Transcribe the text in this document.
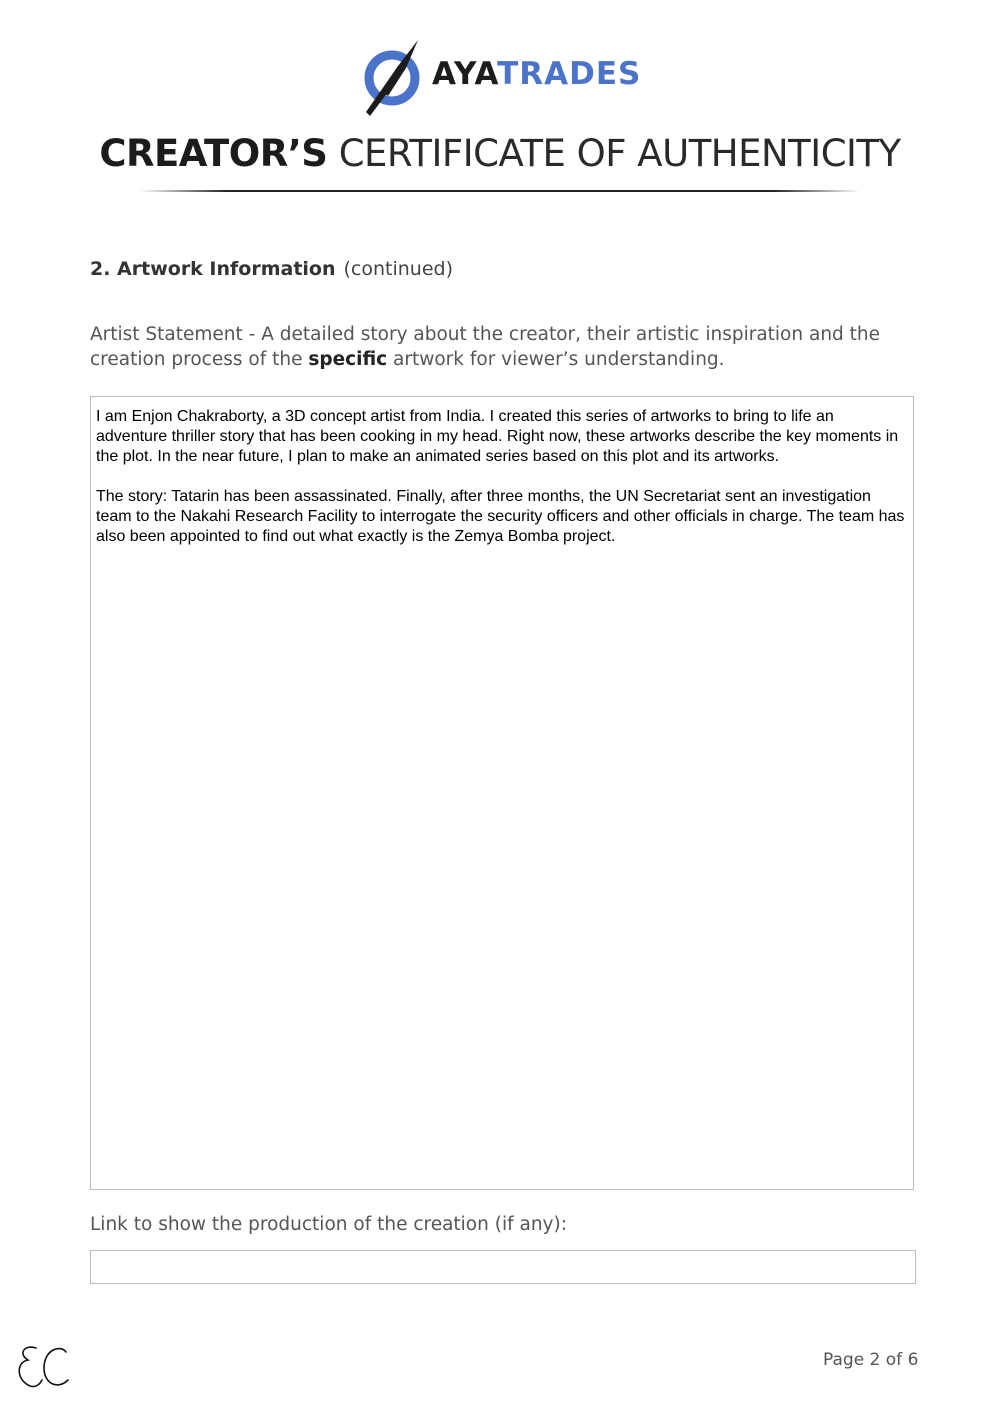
AYATRADES
CREATOR’S CERTIFICATE OF AUTHENTICITY
2. Artwork Information (continued)
Artist Statement - A detailed story about the creator, their artistic inspiration and the creation process of the specific artwork for viewer’s understanding.

I am Enjon Chakraborty, a 3D concept artist from India. I created this series of artworks to bring to life an adventure thriller story that has been cooking in my head. Right now, these artworks describe the key moments in the plot. In the near future, I plan to make an animated series based on this plot and its artworks.

The story: Tatarin has been assassinated. Finally, after three months, the UN Secretariat sent an investigation team to the Nakahi Research Facility to interrogate the security officers and other officials in charge. The team has also been appointed to find out what exactly is the Zemya Bomba project.

Link to show the production of the creation (if any):
Page 2 of 6
